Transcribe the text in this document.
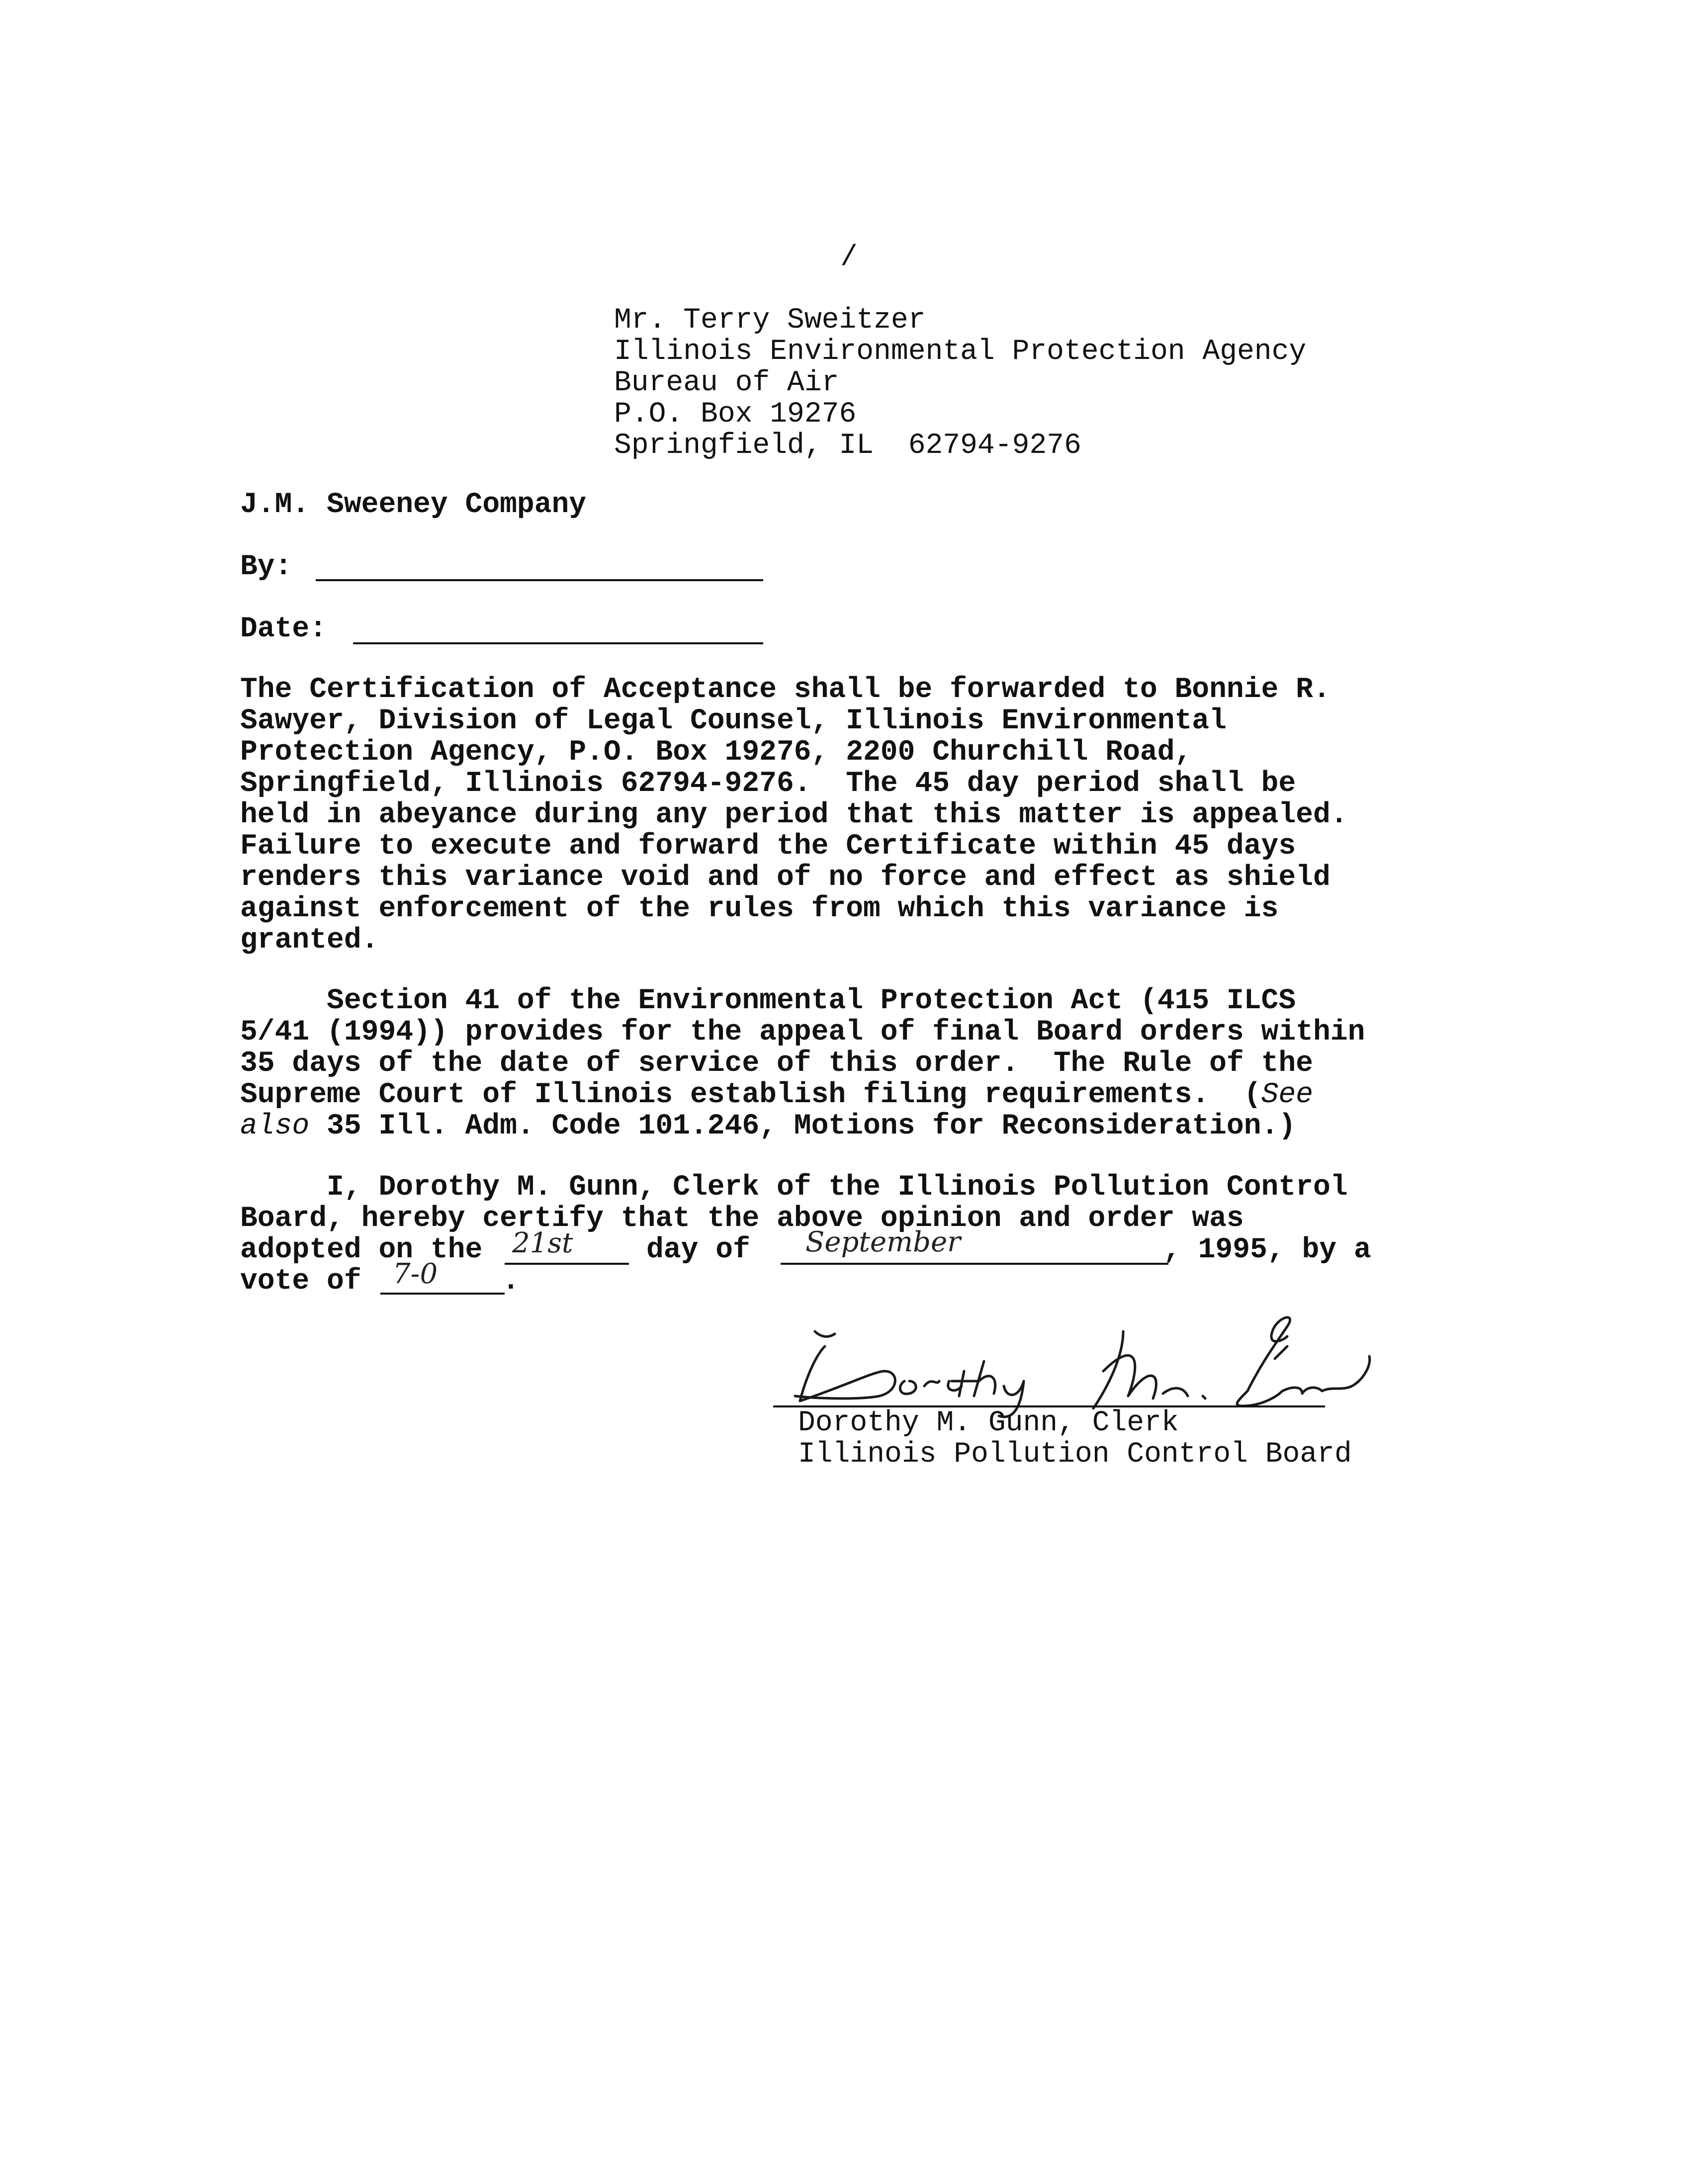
/
Mr. Terry Sweitzer
Illinois Environmental Protection Agency
Bureau of Air
P.O. Box 19276
Springfield, IL  62794-9276
J.M. Sweeney Company
By:
Date:
The Certification of Acceptance shall be forwarded to Bonnie R.
Sawyer, Division of Legal Counsel, Illinois Environmental
Protection Agency, P.O. Box 19276, 2200 Churchill Road,
Springfield, Illinois 62794-9276.  The 45 day period shall be
held in abeyance during any period that this matter is appealed.
Failure to execute and forward the Certificate within 45 days
renders this variance void and of no force and effect as shield
against enforcement of the rules from which this variance is
granted.
Section 41 of the Environmental Protection Act (415 ILCS
5/41 (1994)) provides for the appeal of final Board orders within
35 days of the date of service of this order.  The Rule of the
Supreme Court of Illinois establish filing requirements.  (See
also 35 Ill. Adm. Code 101.246, Motions for Reconsideration.)
I, Dorothy M. Gunn, Clerk of the Illinois Pollution Control
Board, hereby certify that the above opinion and order was
adopted on the 21st	day of September	, 1995, by a
vote of 7-0 .

Dorothy M. Gunn, Clerk
Illinois Pollution Control Board
